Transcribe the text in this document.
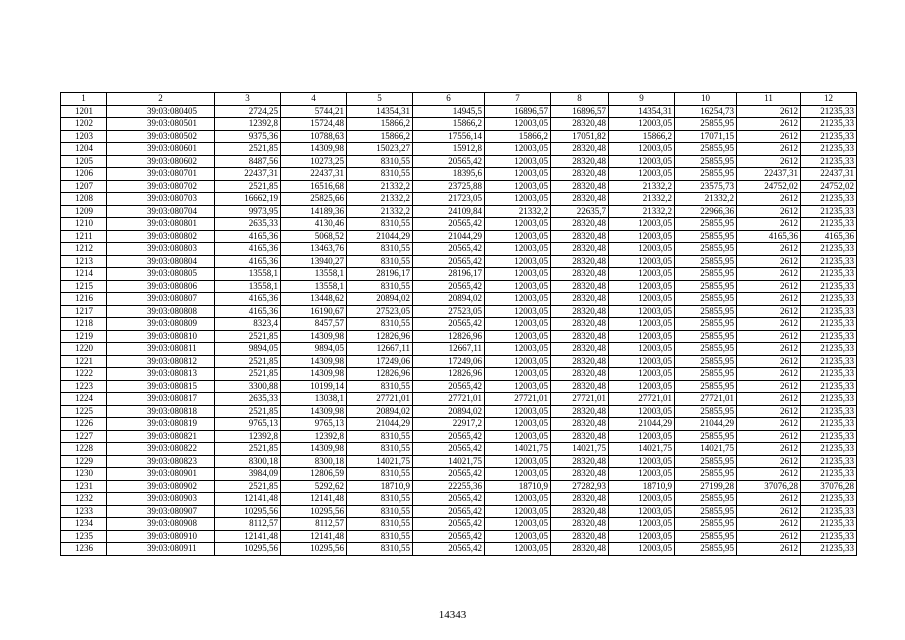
1	2	3	4	5	6	7	8	9	10	11	12
1201	39:03:080405	2724,25	5744,21	14354,31	14945,5	16896,57	16896,57	14354,31	16254,73	2612	21235,33
1202	39:03:080501	12392,8	15724,48	15866,2	15866,2	12003,05	28320,48	12003,05	25855,95	2612	21235,33
1203	39:03:080502	9375,36	10788,63	15866,2	17556,14	15866,2	17051,82	15866,2	17071,15	2612	21235,33
1204	39:03:080601	2521,85	14309,98	15023,27	15912,8	12003,05	28320,48	12003,05	25855,95	2612	21235,33
1205	39:03:080602	8487,56	10273,25	8310,55	20565,42	12003,05	28320,48	12003,05	25855,95	2612	21235,33
1206	39:03:080701	22437,31	22437,31	8310,55	18395,6	12003,05	28320,48	12003,05	25855,95	22437,31	22437,31
1207	39:03:080702	2521,85	16516,68	21332,2	23725,88	12003,05	28320,48	21332,2	23575,73	24752,02	24752,02
1208	39:03:080703	16662,19	25825,66	21332,2	21723,05	12003,05	28320,48	21332,2	21332,2	2612	21235,33
1209	39:03:080704	9973,95	14189,36	21332,2	24109,84	21332,2	22635,7	21332,2	22966,36	2612	21235,33
1210	39:03:080801	2635,33	4130,46	8310,55	20565,42	12003,05	28320,48	12003,05	25855,95	2612	21235,33
1211	39:03:080802	4165,36	5068,52	21044,29	21044,29	12003,05	28320,48	12003,05	25855,95	4165,36	4165,36
1212	39:03:080803	4165,36	13463,76	8310,55	20565,42	12003,05	28320,48	12003,05	25855,95	2612	21235,33
1213	39:03:080804	4165,36	13940,27	8310,55	20565,42	12003,05	28320,48	12003,05	25855,95	2612	21235,33
1214	39:03:080805	13558,1	13558,1	28196,17	28196,17	12003,05	28320,48	12003,05	25855,95	2612	21235,33
1215	39:03:080806	13558,1	13558,1	8310,55	20565,42	12003,05	28320,48	12003,05	25855,95	2612	21235,33
1216	39:03:080807	4165,36	13448,62	20894,02	20894,02	12003,05	28320,48	12003,05	25855,95	2612	21235,33
1217	39:03:080808	4165,36	16190,67	27523,05	27523,05	12003,05	28320,48	12003,05	25855,95	2612	21235,33
1218	39:03:080809	8323,4	8457,57	8310,55	20565,42	12003,05	28320,48	12003,05	25855,95	2612	21235,33
1219	39:03:080810	2521,85	14309,98	12826,96	12826,96	12003,05	28320,48	12003,05	25855,95	2612	21235,33
1220	39:03:080811	9894,05	9894,05	12667,11	12667,11	12003,05	28320,48	12003,05	25855,95	2612	21235,33
1221	39:03:080812	2521,85	14309,98	17249,06	17249,06	12003,05	28320,48	12003,05	25855,95	2612	21235,33
1222	39:03:080813	2521,85	14309,98	12826,96	12826,96	12003,05	28320,48	12003,05	25855,95	2612	21235,33
1223	39:03:080815	3300,88	10199,14	8310,55	20565,42	12003,05	28320,48	12003,05	25855,95	2612	21235,33
1224	39:03:080817	2635,33	13038,1	27721,01	27721,01	27721,01	27721,01	27721,01	27721,01	2612	21235,33
1225	39:03:080818	2521,85	14309,98	20894,02	20894,02	12003,05	28320,48	12003,05	25855,95	2612	21235,33
1226	39:03:080819	9765,13	9765,13	21044,29	22917,2	12003,05	28320,48	21044,29	21044,29	2612	21235,33
1227	39:03:080821	12392,8	12392,8	8310,55	20565,42	12003,05	28320,48	12003,05	25855,95	2612	21235,33
1228	39:03:080822	2521,85	14309,98	8310,55	20565,42	14021,75	14021,75	14021,75	14021,75	2612	21235,33
1229	39:03:080823	8300,18	8300,18	14021,75	14021,75	12003,05	28320,48	12003,05	25855,95	2612	21235,33
1230	39:03:080901	3984,09	12806,59	8310,55	20565,42	12003,05	28320,48	12003,05	25855,95	2612	21235,33
1231	39:03:080902	2521,85	5292,62	18710,9	22255,36	18710,9	27282,93	18710,9	27199,28	37076,28	37076,28
1232	39:03:080903	12141,48	12141,48	8310,55	20565,42	12003,05	28320,48	12003,05	25855,95	2612	21235,33
1233	39:03:080907	10295,56	10295,56	8310,55	20565,42	12003,05	28320,48	12003,05	25855,95	2612	21235,33
1234	39:03:080908	8112,57	8112,57	8310,55	20565,42	12003,05	28320,48	12003,05	25855,95	2612	21235,33
1235	39:03:080910	12141,48	12141,48	8310,55	20565,42	12003,05	28320,48	12003,05	25855,95	2612	21235,33
1236	39:03:080911	10295,56	10295,56	8310,55	20565,42	12003,05	28320,48	12003,05	25855,95	2612	21235,33
14343
